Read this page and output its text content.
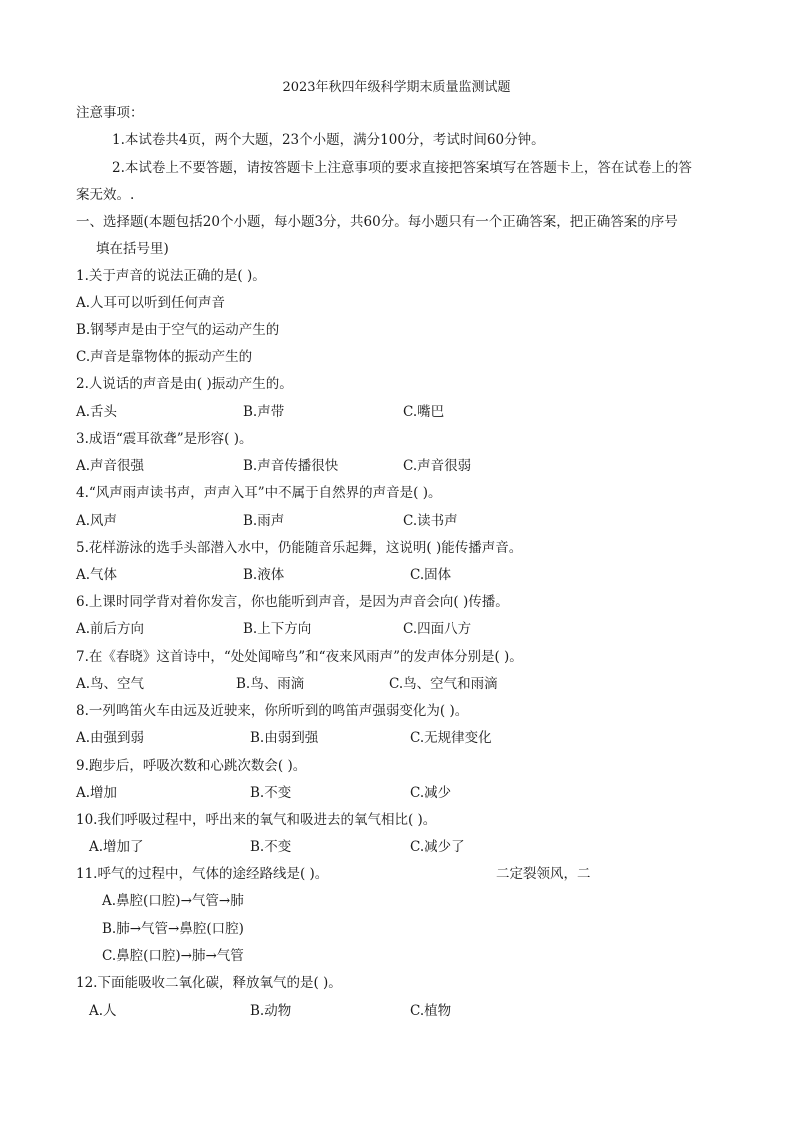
2023年秋四年级科学期末质量监测试题
注意事项：
1.本试卷共4页，两个大题，23个小题，满分100分，考试时间60分钟。
2.本试卷上不要答题，请按答题卡上注意事项的要求直接把答案填写在答题卡上，答在试卷上的答
案无效。.
一、选择题(本题包括20个小题，每小题3分，共60分。每小题只有一个正确答案，把正确答案的序号
填在括号里)
1.关于声音的说法正确的是( )。
A.人耳可以听到任何声音
B.钢琴声是由于空气的运动产生的
C.声音是靠物体的振动产生的
2.人说话的声音是由( )振动产生的。
A.舌头	B.声带	C.嘴巴
3.成语“震耳欲聋”是形容( )。
A.声音很强	B.声音传播很快	C.声音很弱
4.“风声雨声读书声，声声入耳”中不属于自然界的声音是( )。
A.风声	B.雨声	C.读书声
5.花样游泳的选手头部潜入水中，仍能随音乐起舞，这说明( )能传播声音。
A.气体	B.液体	C.固体
6.上课时同学背对着你发言，你也能听到声音，是因为声音会向( )传播。
A.前后方向	B.上下方向	C.四面八方
7.在《春晓》这首诗中，“处处闻啼鸟”和“夜来风雨声”的发声体分别是( )。
A.鸟、空气	B.鸟、雨滴	C.鸟、空气和雨滴
8.一列鸣笛火车由远及近驶来，你所听到的鸣笛声强弱变化为( )。
A.由强到弱	B.由弱到强	C.无规律变化
9.跑步后，呼吸次数和心跳次数会( )。
A.增加	B.不变	C.减少
10.我们呼吸过程中，呼出来的氧气和吸进去的氧气相比( )。
A.增加了	B.不变	C.减少了
11.呼气的过程中，气体的途经路线是( )。	二定裂领风，二
A.鼻腔(口腔)→气管→肺
B.肺→气管→鼻腔(口腔)
C.鼻腔(口腔)→肺→气管
12.下面能吸收二氧化碳，释放氧气的是( )。
A.人	B.动物	C.植物
